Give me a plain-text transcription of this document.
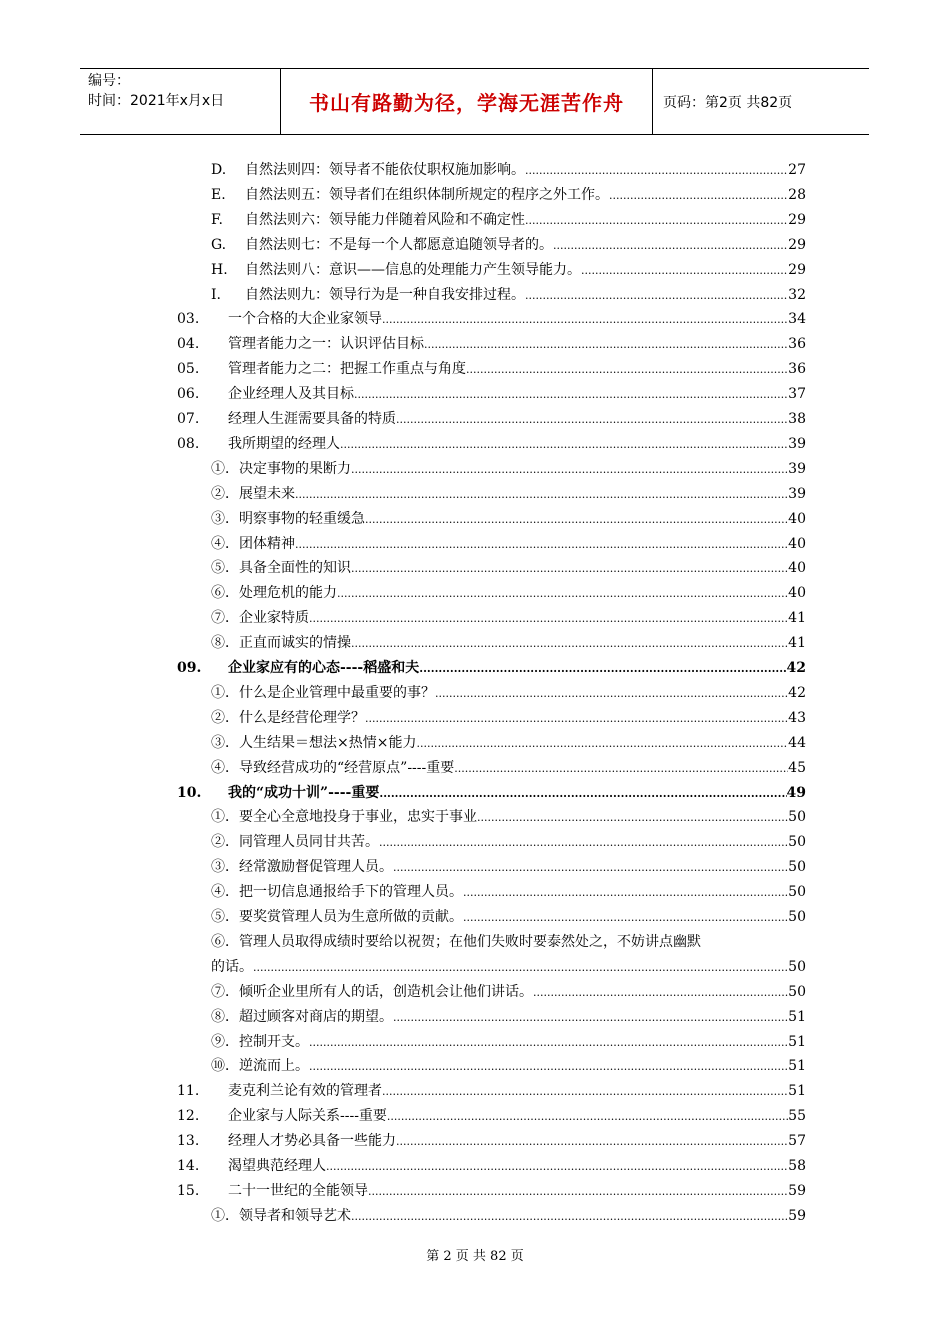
编号：
时间：2021年x月x日	书山有路勤为径，学海无涯苦作舟	页码：第2页 共82页
D. 自然法则四：领导者不能依仗职权施加影响。 .....	27
E. 自然法则五：领导者们在组织体制所规定的程序之外工作。 .....	28
F. 自然法则六：领导能力伴随着风险和不确定性 .....	29
G. 自然法则七：不是每一个人都愿意追随领导者的。 .....	29
H. 自然法则八：意识——信息的处理能力产生领导能力。 .....	29
I. 自然法则九：领导行为是一种自我安排过程。 .....	32
03. 一个合格的大企业家领导 .....	34
04. 管理者能力之一：认识评估目标 .....	36
05. 管理者能力之二：把握工作重点与角度 .....	36
06. 企业经理人及其目标 .....	37
07. 经理人生涯需要具备的特质 .....	38
08. 我所期望的经理人 .....	39
①．决定事物的果断力 .....	39
②．展望未来 .....	39
③．明察事物的轻重缓急 .....	40
④．团体精神 .....	40
⑤．具备全面性的知识 .....	40
⑥．处理危机的能力 .....	40
⑦．企业家特质 .....	41
⑧．正直而诚实的情操 .....	41
09. 企业家应有的心态----稻盛和夫 .....	42
①．什么是企业管理中最重要的事？ .....	42
②．什么是经营伦理学？ .....	43
③．人生结果＝想法×热情×能力 .....	44
④．导致经营成功的“经营原点”----重要 .....	45
10. 我的“成功十训”----重要 .....	49
①．要全心全意地投身于事业，忠实于事业 .....	50
②．同管理人员同甘共苦。 .....	50
③．经常激励督促管理人员。 .....	50
④．把一切信息通报给手下的管理人员。 .....	50
⑤．要奖赏管理人员为生意所做的贡献。 .....	50
⑥．管理人员取得成绩时要给以祝贺；在他们失败时要泰然处之，不妨讲点幽默
的话。 .....	50
⑦．倾听企业里所有人的话，创造机会让他们讲话。 .....	50
⑧．超过顾客对商店的期望。 .....	51
⑨．控制开支。 .....	51
⑩．逆流而上。 .....	51
11. 麦克利兰论有效的管理者 .....	51
12. 企业家与人际关系----重要 .....	55
13. 经理人才势必具备一些能力 .....	57
14. 渴望典范经理人 .....	58
15. 二十一世纪的全能领导 .....	59
①．领导者和领导艺术 .....	59
第 2 页 共 82 页
